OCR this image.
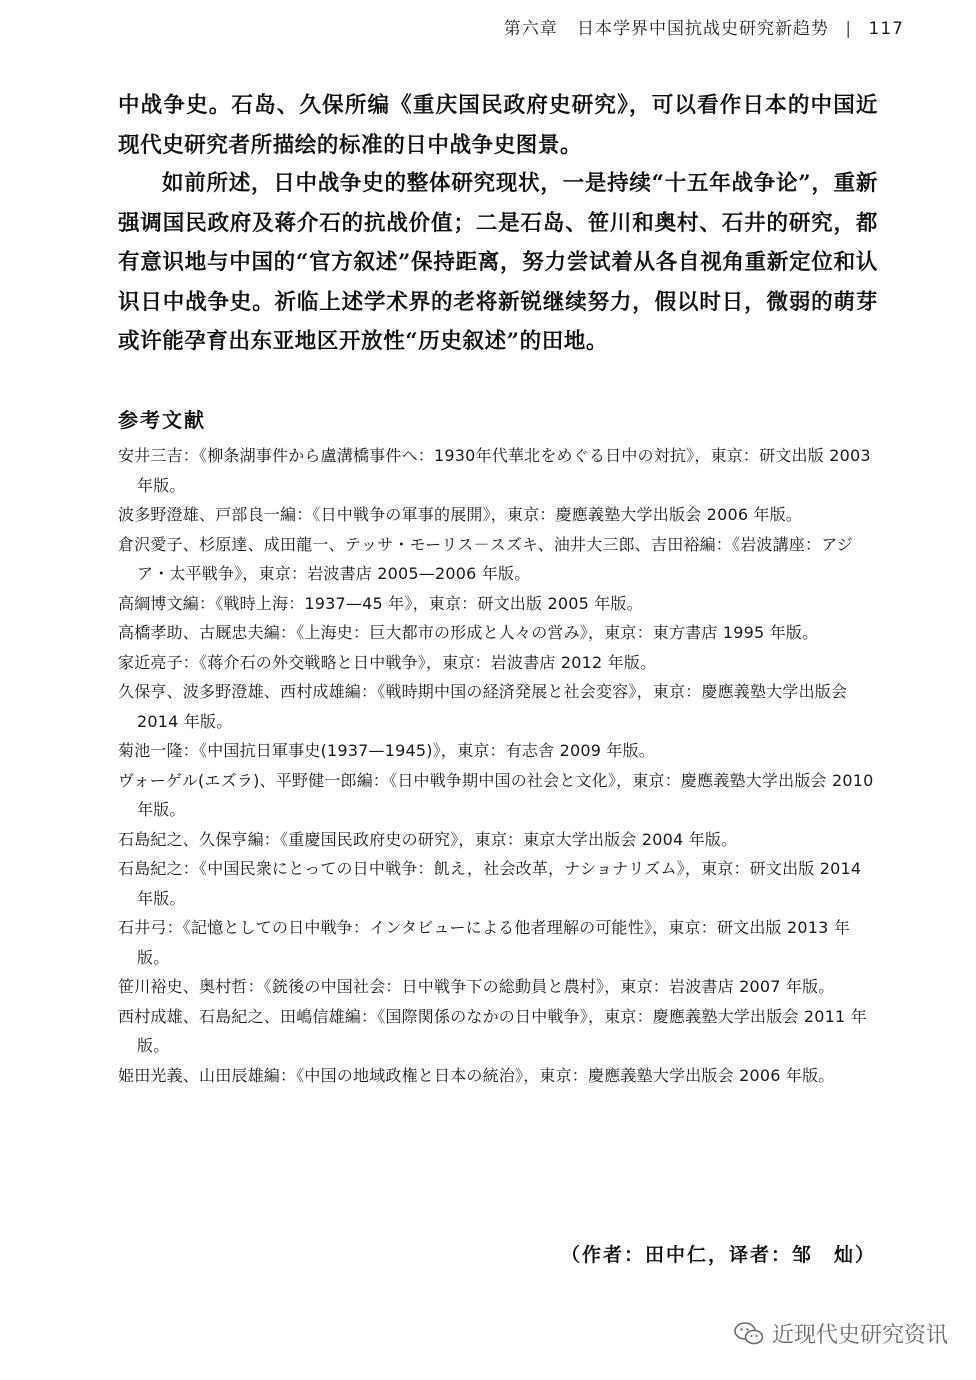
第六章 日本学界中国抗战史研究新趋势 | 117
中战争史。石岛、久保所编《重庆国民政府史研究》，可以看作日本的中国近现代史研究者所描绘的标准的日中战争史图景。
如前所述，日中战争史的整体研究现状，一是持续“十五年战争论”，重新强调国民政府及蒋介石的抗战价值；二是石岛、笹川和奥村、石井的研究，都有意识地与中国的“官方叙述”保持距离，努力尝试着从各自视角重新定位和认识日中战争史。祈临上述学术界的老将新锐继续努力，假以时日，微弱的萌芽或许能孕育出东亚地区开放性“历史叙述”的田地。
参考文献
安井三吉：《柳条湖事件から盧溝橋事件へ：1930年代華北をめぐる日中の対抗》，東京：研文出版 2003 年版。
波多野澄雄、戸部良一編：《日中戦争の軍事的展開》，東京：慶應義塾大学出版会 2006 年版。
倉沢愛子、杉原達、成田龍一、テッサ・モーリス－スズキ、油井大三郎、吉田裕編：《岩波講座：アジア・太平戦争》，東京：岩波書店 2005—2006 年版。
高綱博文編：《戦時上海：1937—45 年》，東京：研文出版 2005 年版。
高橋孝助、古厩忠夫編：《上海史：巨大都市の形成と人々の営み》，東京：東方書店 1995 年版。
家近亮子：《蒋介石の外交戦略と日中戦争》，東京：岩波書店 2012 年版。
久保亨、波多野澄雄、西村成雄編：《戦時期中国の経済発展と社会変容》，東京：慶應義塾大学出版会 2014 年版。
菊池一隆：《中国抗日軍事史(1937—1945)》，東京：有志舎 2009 年版。
ヴォーゲル(エズラ)、平野健一郎編：《日中戦争期中国の社会と文化》，東京：慶應義塾大学出版会 2010 年版。
石島紀之、久保亨編：《重慶国民政府史の研究》，東京：東京大学出版会 2004 年版。
石島紀之：《中国民衆にとっての日中戦争：飢え，社会改革，ナショナリズム》，東京：研文出版 2014 年版。
石井弓：《記憶としての日中戦争：インタビューによる他者理解の可能性》，東京：研文出版 2013 年版。
笹川裕史、奥村哲：《銃後の中国社会：日中戦争下の総動員と農村》，東京：岩波書店 2007 年版。
西村成雄、石島紀之、田嶋信雄編：《国際関係のなかの日中戦争》，東京：慶應義塾大学出版会 2011 年版。
姫田光義、山田辰雄編：《中国の地域政権と日本の統治》，東京：慶應義塾大学出版会 2006 年版。
（作者：田中仁，译者：邹　灿）
近现代史研究资讯
